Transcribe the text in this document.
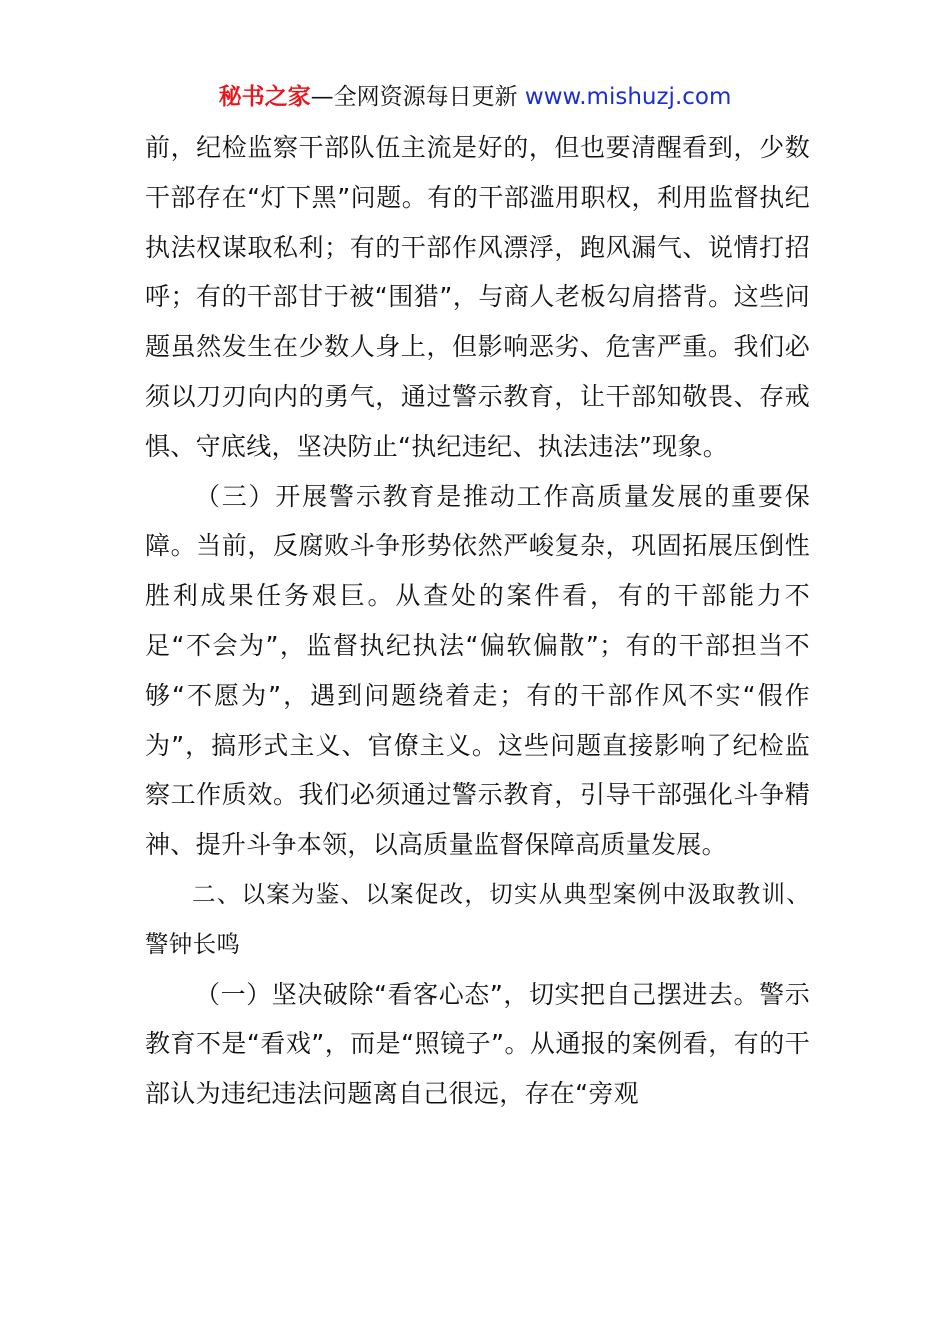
秘书之家—全网资源每日更新 www.mishuzj.com

前，纪检监察干部队伍主流是好的，但也要清醒看到，少数干部存在“灯下黑”问题。有的干部滥用职权，利用监督执纪执法权谋取私利；有的干部作风漂浮，跑风漏气、说情打招呼；有的干部甘于被“围猎”，与商人老板勾肩搭背。这些问题虽然发生在少数人身上，但影响恶劣、危害严重。我们必须以刀刃向内的勇气，通过警示教育，让干部知敬畏、存戒惧、守底线，坚决防止“执纪违纪、执法违法”现象。

（三）开展警示教育是推动工作高质量发展的重要保障。当前，反腐败斗争形势依然严峻复杂，巩固拓展压倒性胜利成果任务艰巨。从查处的案件看，有的干部能力不足“不会为”，监督执纪执法“偏软偏散”；有的干部担当不够“不愿为”，遇到问题绕着走；有的干部作风不实“假作为”，搞形式主义、官僚主义。这些问题直接影响了纪检监察工作质效。我们必须通过警示教育，引导干部强化斗争精神、提升斗争本领，以高质量监督保障高质量发展。

二、以案为鉴、以案促改，切实从典型案例中汲取教训、警钟长鸣

（一）坚决破除“看客心态”，切实把自己摆进去。警示教育不是“看戏”，而是“照镜子”。从通报的案例看，有的干部认为违纪违法问题离自己很远，存在“旁观
